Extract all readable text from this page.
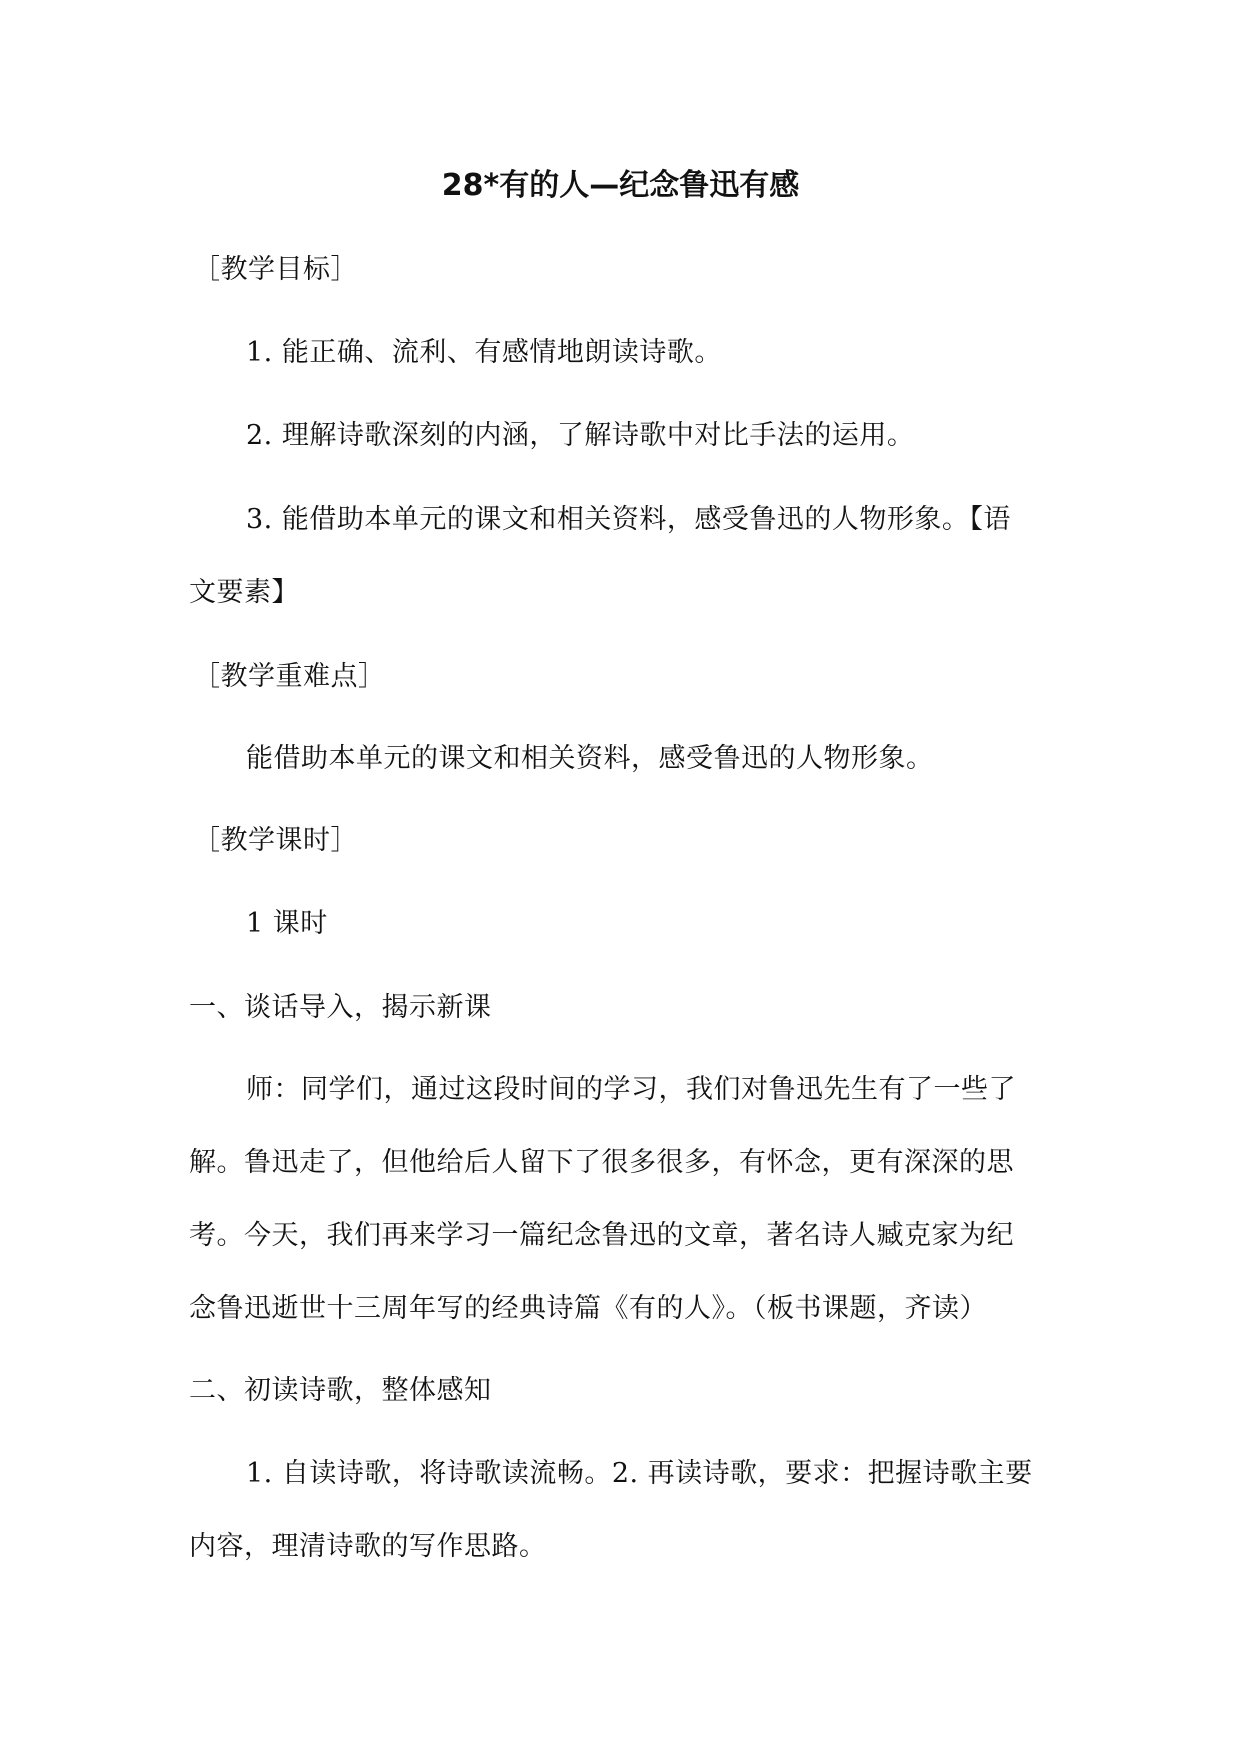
28*有的人—纪念鲁迅有感
［教学目标］
1. 能正确、流利、有感情地朗读诗歌。
2. 理解诗歌深刻的内涵，了解诗歌中对比手法的运用。
3. 能借助本单元的课文和相关资料，感受鲁迅的人物形象。【语
文要素】
［教学重难点］
能借助本单元的课文和相关资料，感受鲁迅的人物形象。
［教学课时］
1 课时
一、谈话导入，揭示新课
师：同学们，通过这段时间的学习，我们对鲁迅先生有了一些了
解。鲁迅走了，但他给后人留下了很多很多，有怀念，更有深深的思
考。今天，我们再来学习一篇纪念鲁迅的文章，著名诗人臧克家为纪
念鲁迅逝世十三周年写的经典诗篇《有的人》。（板书课题，齐读）
二、初读诗歌，整体感知
1. 自读诗歌，将诗歌读流畅。2. 再读诗歌，要求：把握诗歌主要
内容，理清诗歌的写作思路。
